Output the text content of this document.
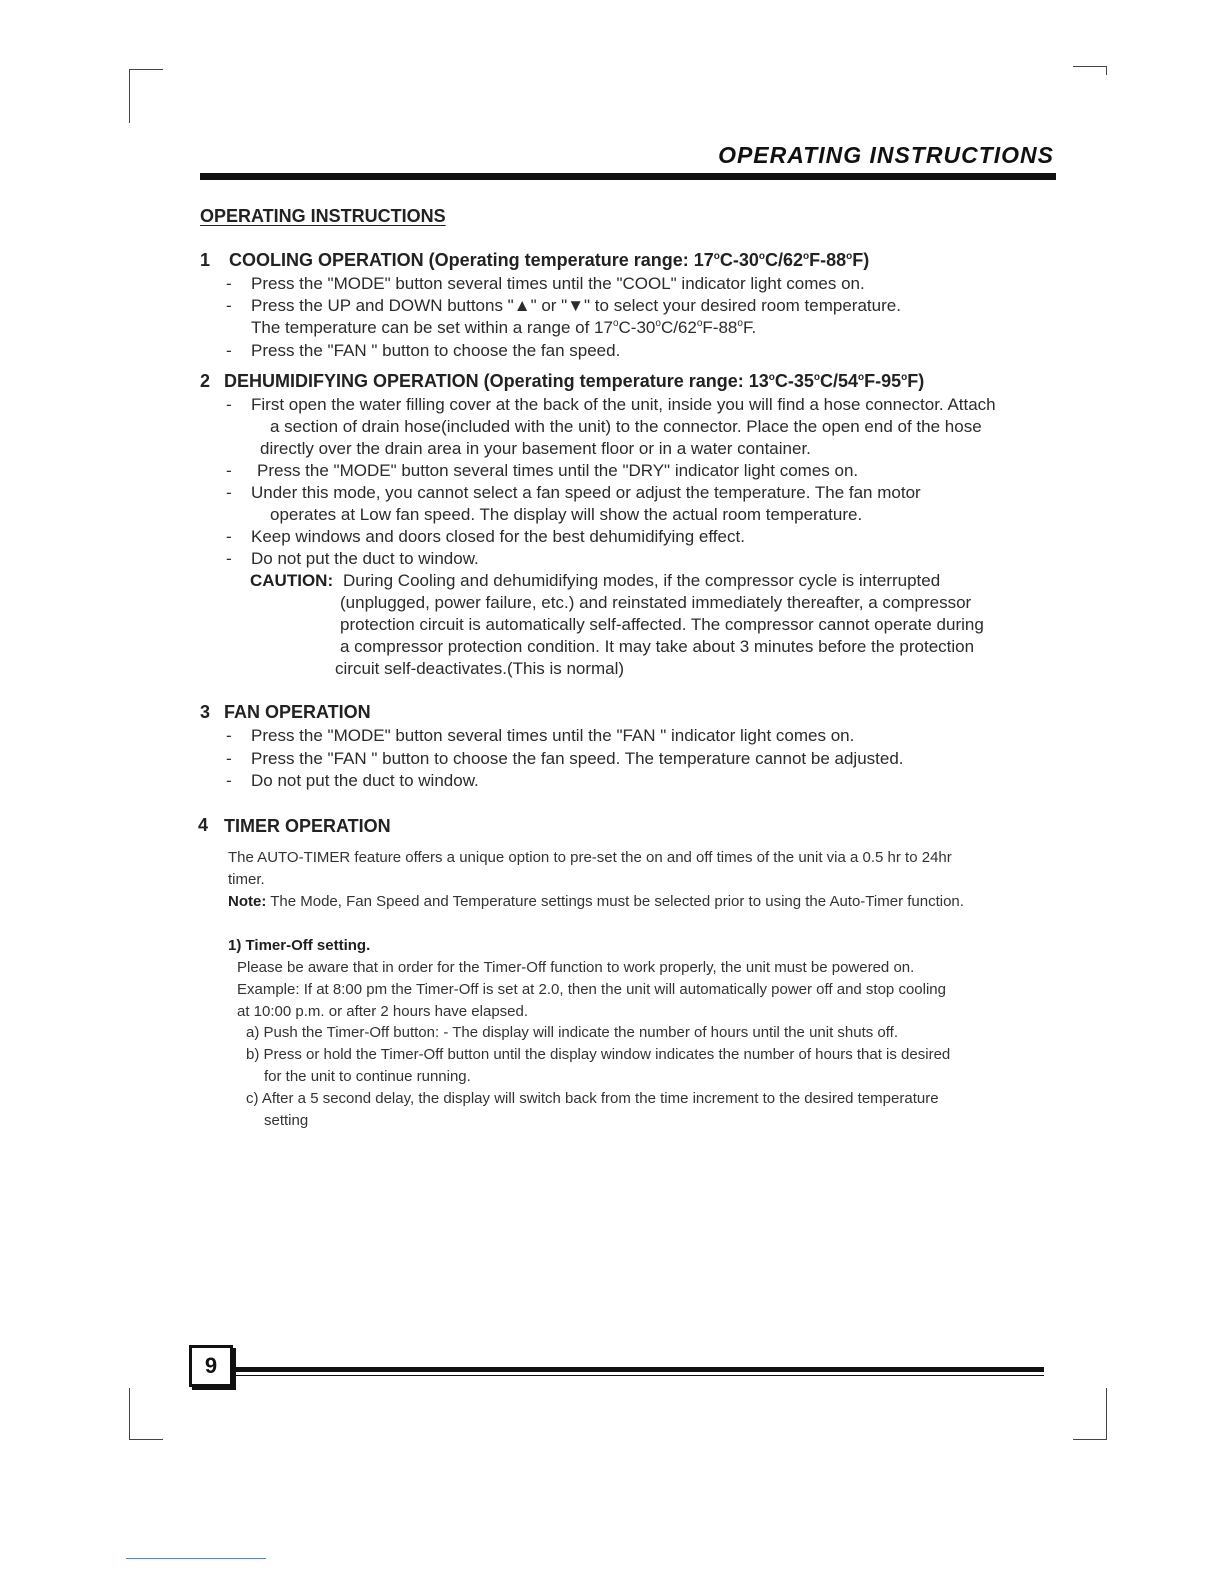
OPERATING INSTRUCTIONS
OPERATING INSTRUCTIONS
1 COOLING OPERATION (Operating temperature range: 17$^o$C-30$^o$C/62$^o$F-88$^o$F)
- Press the "MODE" button several times until the "COOL" indicator light comes on.
- Press the UP and DOWN buttons "▲" or "▼" to select your desired room temperature.
The temperature can be set within a range of 17$^o$C-30$^o$C/62$^o$F-88$^o$F.
- Press the "FAN " button to choose the fan speed.
2 DEHUMIDIFYING OPERATION (Operating temperature range: 13$^o$C-35$^o$C/54$^o$F-95$^o$F)
- First open the water filling cover at the back of the unit, inside you will find a hose connector. Attach
a section of drain hose(included with the unit) to the connector. Place the open end of the hose
directly over the drain area in your basement floor or in a water container.
- Press the "MODE" button several times until the "DRY" indicator light comes on.
- Under this mode, you cannot select a fan speed or adjust the temperature. The fan motor
operates at Low fan speed. The display will show the actual room temperature.
- Keep windows and doors closed for the best dehumidifying effect.
- Do not put the duct to window.
CAUTION: During Cooling and dehumidifying modes, if the compressor cycle is interrupted
(unplugged, power failure, etc.) and reinstated immediately thereafter, a compressor
protection circuit is automatically self-affected. The compressor cannot operate during
a compressor protection condition. It may take about 3 minutes before the protection
circuit self-deactivates.(This is normal)
3 FAN OPERATION
- Press the "MODE" button several times until the "FAN " indicator light comes on.
- Press the "FAN " button to choose the fan speed. The temperature cannot be adjusted.
- Do not put the duct to window.
4 TIMER OPERATION
The AUTO-TIMER feature offers a unique option to pre-set the on and off times of the unit via a 0.5 hr to 24hr
timer.
Note: The Mode, Fan Speed and Temperature settings must be selected prior to using the Auto-Timer function.
1) Timer-Off setting.
Please be aware that in order for the Timer-Off function to work properly, the unit must be powered on.
Example: If at 8:00 pm the Timer-Off is set at 2.0, then the unit will automatically power off and stop cooling
at 10:00 p.m. or after 2 hours have elapsed.
a) Push the Timer-Off button: - The display will indicate the number of hours until the unit shuts off.
b) Press or hold the Timer-Off button until the display window indicates the number of hours that is desired
for the unit to continue running.
c) After a 5 second delay, the display will switch back from the time increment to the desired temperature
setting
9
